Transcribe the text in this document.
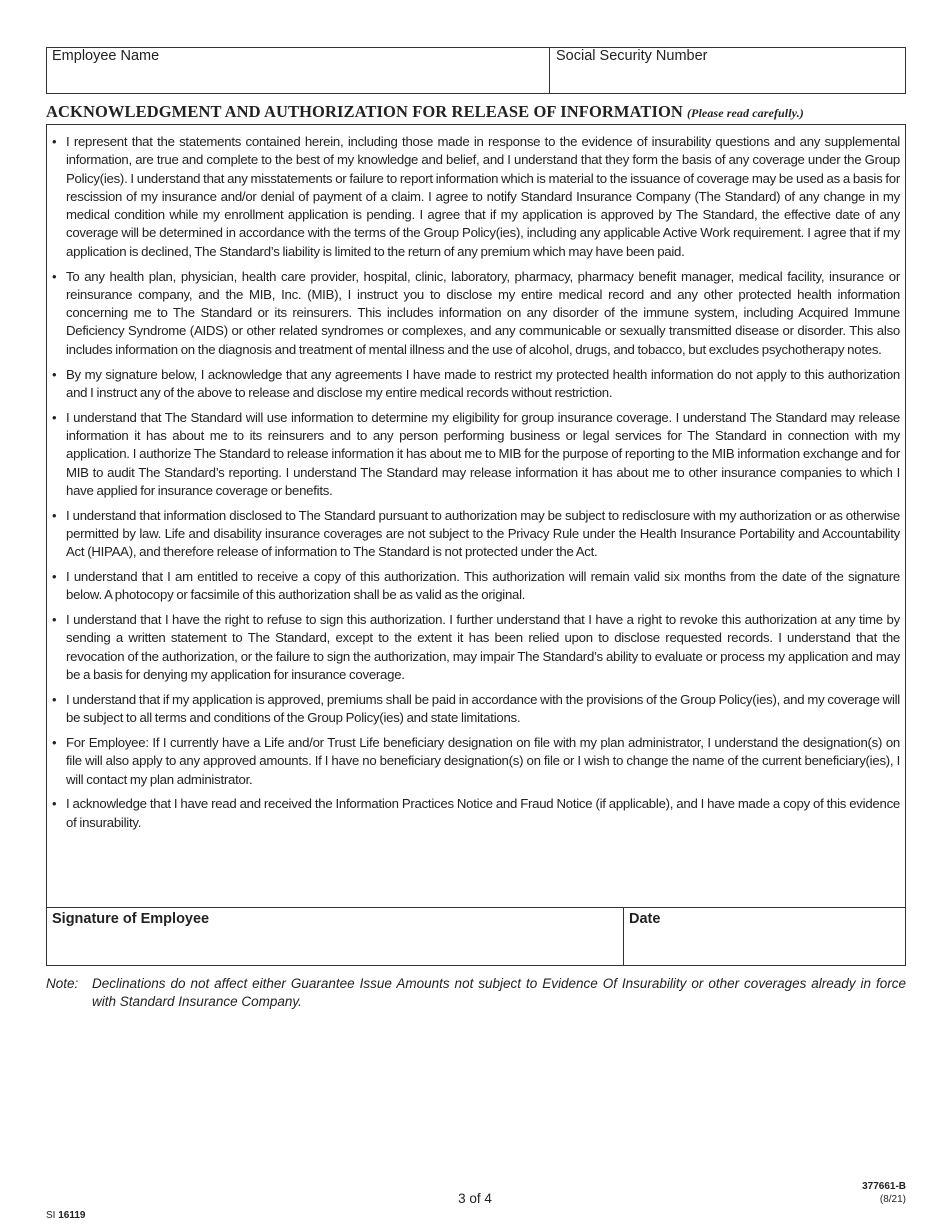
Employee Name	Social Security Number
ACKNOWLEDGMENT AND AUTHORIZATION FOR RELEASE OF INFORMATION (Please read carefully.)
• I represent that the statements contained herein, including those made in response to the evidence of insurability questions and any supplemental information, are true and complete to the best of my knowledge and belief, and I understand that they form the basis of any coverage under the Group Policy(ies). I understand that any misstatements or failure to report information which is material to the issuance of coverage may be used as a basis for rescission of my insurance and/or denial of payment of a claim. I agree to notify Standard Insurance Company (The Standard) of any change in my medical condition while my enrollment application is pending. I agree that if my application is approved by The Standard, the effective date of any coverage will be determined in accordance with the terms of the Group Policy(ies), including any applicable Active Work requirement. I agree that if my application is declined, The Standard’s liability is limited to the return of any premium which may have been paid.
• To any health plan, physician, health care provider, hospital, clinic, laboratory, pharmacy, pharmacy benefit manager, medical facility, insurance or reinsurance company, and the MIB, Inc. (MIB), I instruct you to disclose my entire medical record and any other protected health information concerning me to The Standard or its reinsurers. This includes information on any disorder of the immune system, including Acquired Immune Deficiency Syndrome (AIDS) or other related syndromes or complexes, and any communicable or sexually transmitted disease or disorder. This also includes information on the diagnosis and treatment of mental illness and the use of alcohol, drugs, and tobacco, but excludes psychotherapy notes.
• By my signature below, I acknowledge that any agreements I have made to restrict my protected health information do not apply to this authorization and I instruct any of the above to release and disclose my entire medical records without restriction.
• I understand that The Standard will use information to determine my eligibility for group insurance coverage. I understand The Standard may release information it has about me to its reinsurers and to any person performing business or legal services for The Standard in connection with my application. I authorize The Standard to release information it has about me to MIB for the purpose of reporting to the MIB information exchange and for MIB to audit The Standard’s reporting. I understand The Standard may release information it has about me to other insurance companies to which I have applied for insurance coverage or benefits.
• I understand that information disclosed to The Standard pursuant to authorization may be subject to redisclosure with my authorization or as otherwise permitted by law. Life and disability insurance coverages are not subject to the Privacy Rule under the Health Insurance Portability and Accountability Act (HIPAA), and therefore release of information to The Standard is not protected under the Act.
• I understand that I am entitled to receive a copy of this authorization. This authorization will remain valid six months from the date of the signature below. A photocopy or facsimile of this authorization shall be as valid as the original.
• I understand that I have the right to refuse to sign this authorization. I further understand that I have a right to revoke this authorization at any time by sending a written statement to The Standard, except to the extent it has been relied upon to disclose requested records. I understand that the revocation of the authorization, or the failure to sign the authorization, may impair The Standard’s ability to evaluate or process my application and may be a basis for denying my application for insurance coverage.
• I understand that if my application is approved, premiums shall be paid in accordance with the provisions of the Group Policy(ies), and my coverage will be subject to all terms and conditions of the Group Policy(ies) and state limitations.
• For Employee: If I currently have a Life and/or Trust Life beneficiary designation on file with my plan administrator, I understand the designation(s) on file will also apply to any approved amounts. If I have no beneficiary designation(s) on file or I wish to change the name of the current beneficiary(ies), I will contact my plan administrator.
• I acknowledge that I have read and received the Information Practices Notice and Fraud Notice (if applicable), and I have made a copy of this evidence of insurability.
Signature of Employee	Date
Note: Declinations do not affect either Guarantee Issue Amounts not subject to Evidence Of Insurability or other coverages already in force with Standard Insurance Company.
SI 16119
3 of 4
377661-B
(8/21)
